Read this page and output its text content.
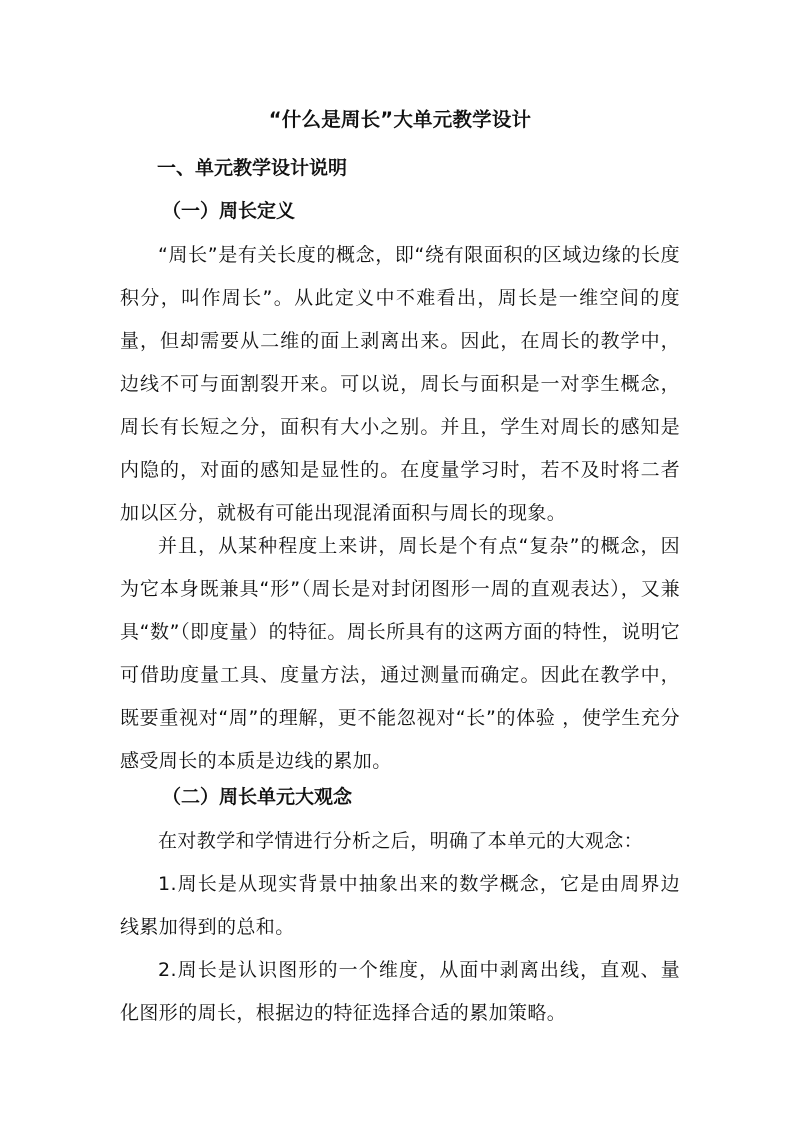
“什么是周长”大单元教学设计
一、单元教学设计说明
（一）周长定义
“周长”是有关长度的概念，即“绕有限面积的区域边缘的长度积分，叫作周长”。从此定义中不难看出，周长是一维空间的度量，但却需要从二维的面上剥离出来。因此，在周长的教学中，边线不可与面割裂开来。可以说，周长与面积是一对孪生概念，周长有长短之分，面积有大小之别。并且，学生对周长的感知是内隐的，对面的感知是显性的。在度量学习时，若不及时将二者加以区分，就极有可能出现混淆面积与周长的现象。
并且，从某种程度上来讲，周长是个有点“复杂”的概念，因为它本身既兼具“形”（周长是对封闭图形一周的直观表达），又兼具“数”（即度量）的特征。周长所具有的这两方面的特性，说明它可借助度量工具、度量方法，通过测量而确定。因此在教学中，既要重视对“周”的理解，更不能忽视对“长”的体验 ，使学生充分感受周长的本质是边线的累加。
（二）周长单元大观念
在对教学和学情进行分析之后，明确了本单元的大观念：
1.周长是从现实背景中抽象出来的数学概念，它是由周界边线累加得到的总和。
2.周长是认识图形的一个维度，从面中剥离出线，直观、量化图形的周长，根据边的特征选择合适的累加策略。
